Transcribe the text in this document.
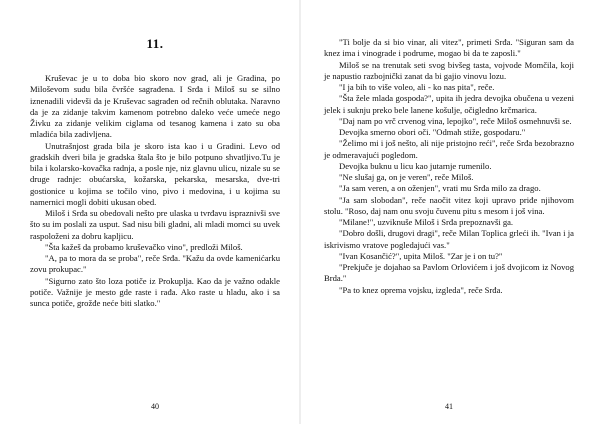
11.

Kruševac je u to doba bio skoro nov grad, ali je Gradina, po Miloševom sudu bila čvršće sagrađena. I Srđa i Miloš su se silno iznenadili videvši da je Kruševac sagrađen od rečnih oblutaka. Naravno da je za zidanje takvim kamenom potrebno daleko veće umeće nego Živku za zidanje velikim ciglama od tesanog kamena i zato su oba mladića bila zadivljena.

Unutrašnjost grada bila je skoro ista kao i u Gradini. Levo od gradskih dveri bila je gradska štala što je bilo potpuno shvatljivo.Tu je bila i kolarsko-kovačka radnja, a posle nje, niz glavnu ulicu, nizale su se druge radnje: obućarska, kožarska, pekarska, mesarska, dve-tri gostionice u kojima se točilo vino, pivo i medovina, i u kojima su namernici mogli dobiti ukusan obed.

Miloš i Srđa su obedovali nešto pre ulaska u tvrđavu ispraznivši sve što su im poslali za usput. Sad nisu bili gladni, ali mladi momci su uvek raspoloženi za dobru kapljicu.

"Šta kažeš da probamo kruševačko vino", predloži Miloš.

"A, pa to mora da se proba", reče Srđa. "Kažu da ovde kamenićarku zovu prokupac."

"Sigurno zato što loza potiče iz Prokuplja. Kao da je važno odakle potiče. Važnije je mesto gde raste i rađa. Ako raste u hladu, ako i sa sunca potiče, grožđe neće biti slatko."

40

"Ti bolje da si bio vinar, ali vitez", primeti Srđa. "Siguran sam da knez ima i vinograde i podrume, mogao bi da te zaposli."

Miloš se na trenutak seti svog bivšeg tasta, vojvode Momčila, koji je napustio razbojnički zanat da bi gajio vinovu lozu.

"I ja bih to više voleo, ali - ko nas pita", reče.

"Šta žele mlada gospoda?", upita ih jedra devojka obučena u vezeni jelek i suknju preko bele lanene košulje, očigledno krčmarica.

"Daj nam po vrč crvenog vina, lepojko", reče Miloš osmehnuvši se.

Devojka smerno obori oči. "Odmah stiže, gospodaru."

"Želimo mi i još nešto, ali nije pristojno reći", reče Srđa bezobrazno je odmeravajući pogledom.

Devojka buknu u licu kao jutarnje rumenilo.

"Ne slušaj ga, on je veren", reče Miloš.

"Ja sam veren, a on oženjen", vrati mu Srđa milo za drago.

"Ja sam slobodan", reče naočit vitez koji upravo priđe njihovom stolu. "Roso, daj nam onu svoju čuvenu pitu s mesom i još vina.

"Milane!", uzviknuše Miloš i Srđa prepoznavši ga.

"Dobro došli, drugovi dragi", reče Milan Toplica grleći ih. "Ivan i ja iskrivismo vratove pogledajući vas."

"Ivan Kosančić?", upita Miloš. "Zar je i on tu?"

"Prekjuče je dojahao sa Pavlom Orlovićem i još dvojicom iz Novog Brda."

"Pa to knez oprema vojsku, izgleda", reče Srđa.

41
